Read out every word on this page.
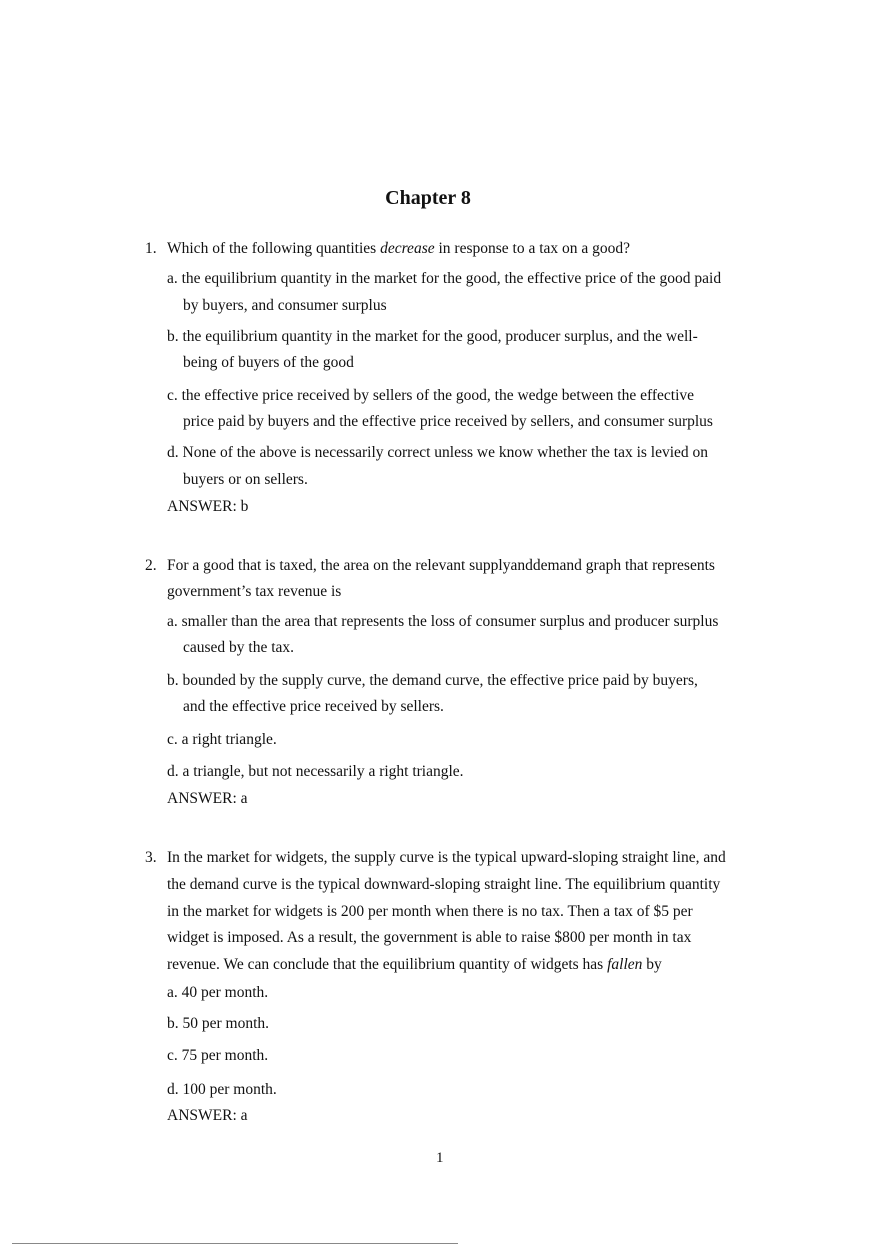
Chapter 8
1. Which of the following quantities decrease in response to a tax on a good?
a. the equilibrium quantity in the market for the good, the effective price of the good paid
by buyers, and consumer surplus
b. the equilibrium quantity in the market for the good, producer surplus, and the well-
being of buyers of the good
c. the effective price received by sellers of the good, the wedge between the effective
price paid by buyers and the effective price received by sellers, and consumer surplus
d. None of the above is necessarily correct unless we know whether the tax is levied on
buyers or on sellers.
ANSWER: b
2. For a good that is taxed, the area on the relevant supplyanddemand graph that represents
government’s tax revenue is
a. smaller than the area that represents the loss of consumer surplus and producer surplus
caused by the tax.
b. bounded by the supply curve, the demand curve, the effective price paid by buyers,
and the effective price received by sellers.
c. a right triangle.
d. a triangle, but not necessarily a right triangle.
ANSWER: a
3. In the market for widgets, the supply curve is the typical upward-sloping straight line, and
the demand curve is the typical downward-sloping straight line. The equilibrium quantity
in the market for widgets is 200 per month when there is no tax. Then a tax of $5 per
widget is imposed. As a result, the government is able to raise $800 per month in tax
revenue. We can conclude that the equilibrium quantity of widgets has fallen by
a. 40 per month.
b. 50 per month.
c. 75 per month.
d. 100 per month.
ANSWER: a
1
